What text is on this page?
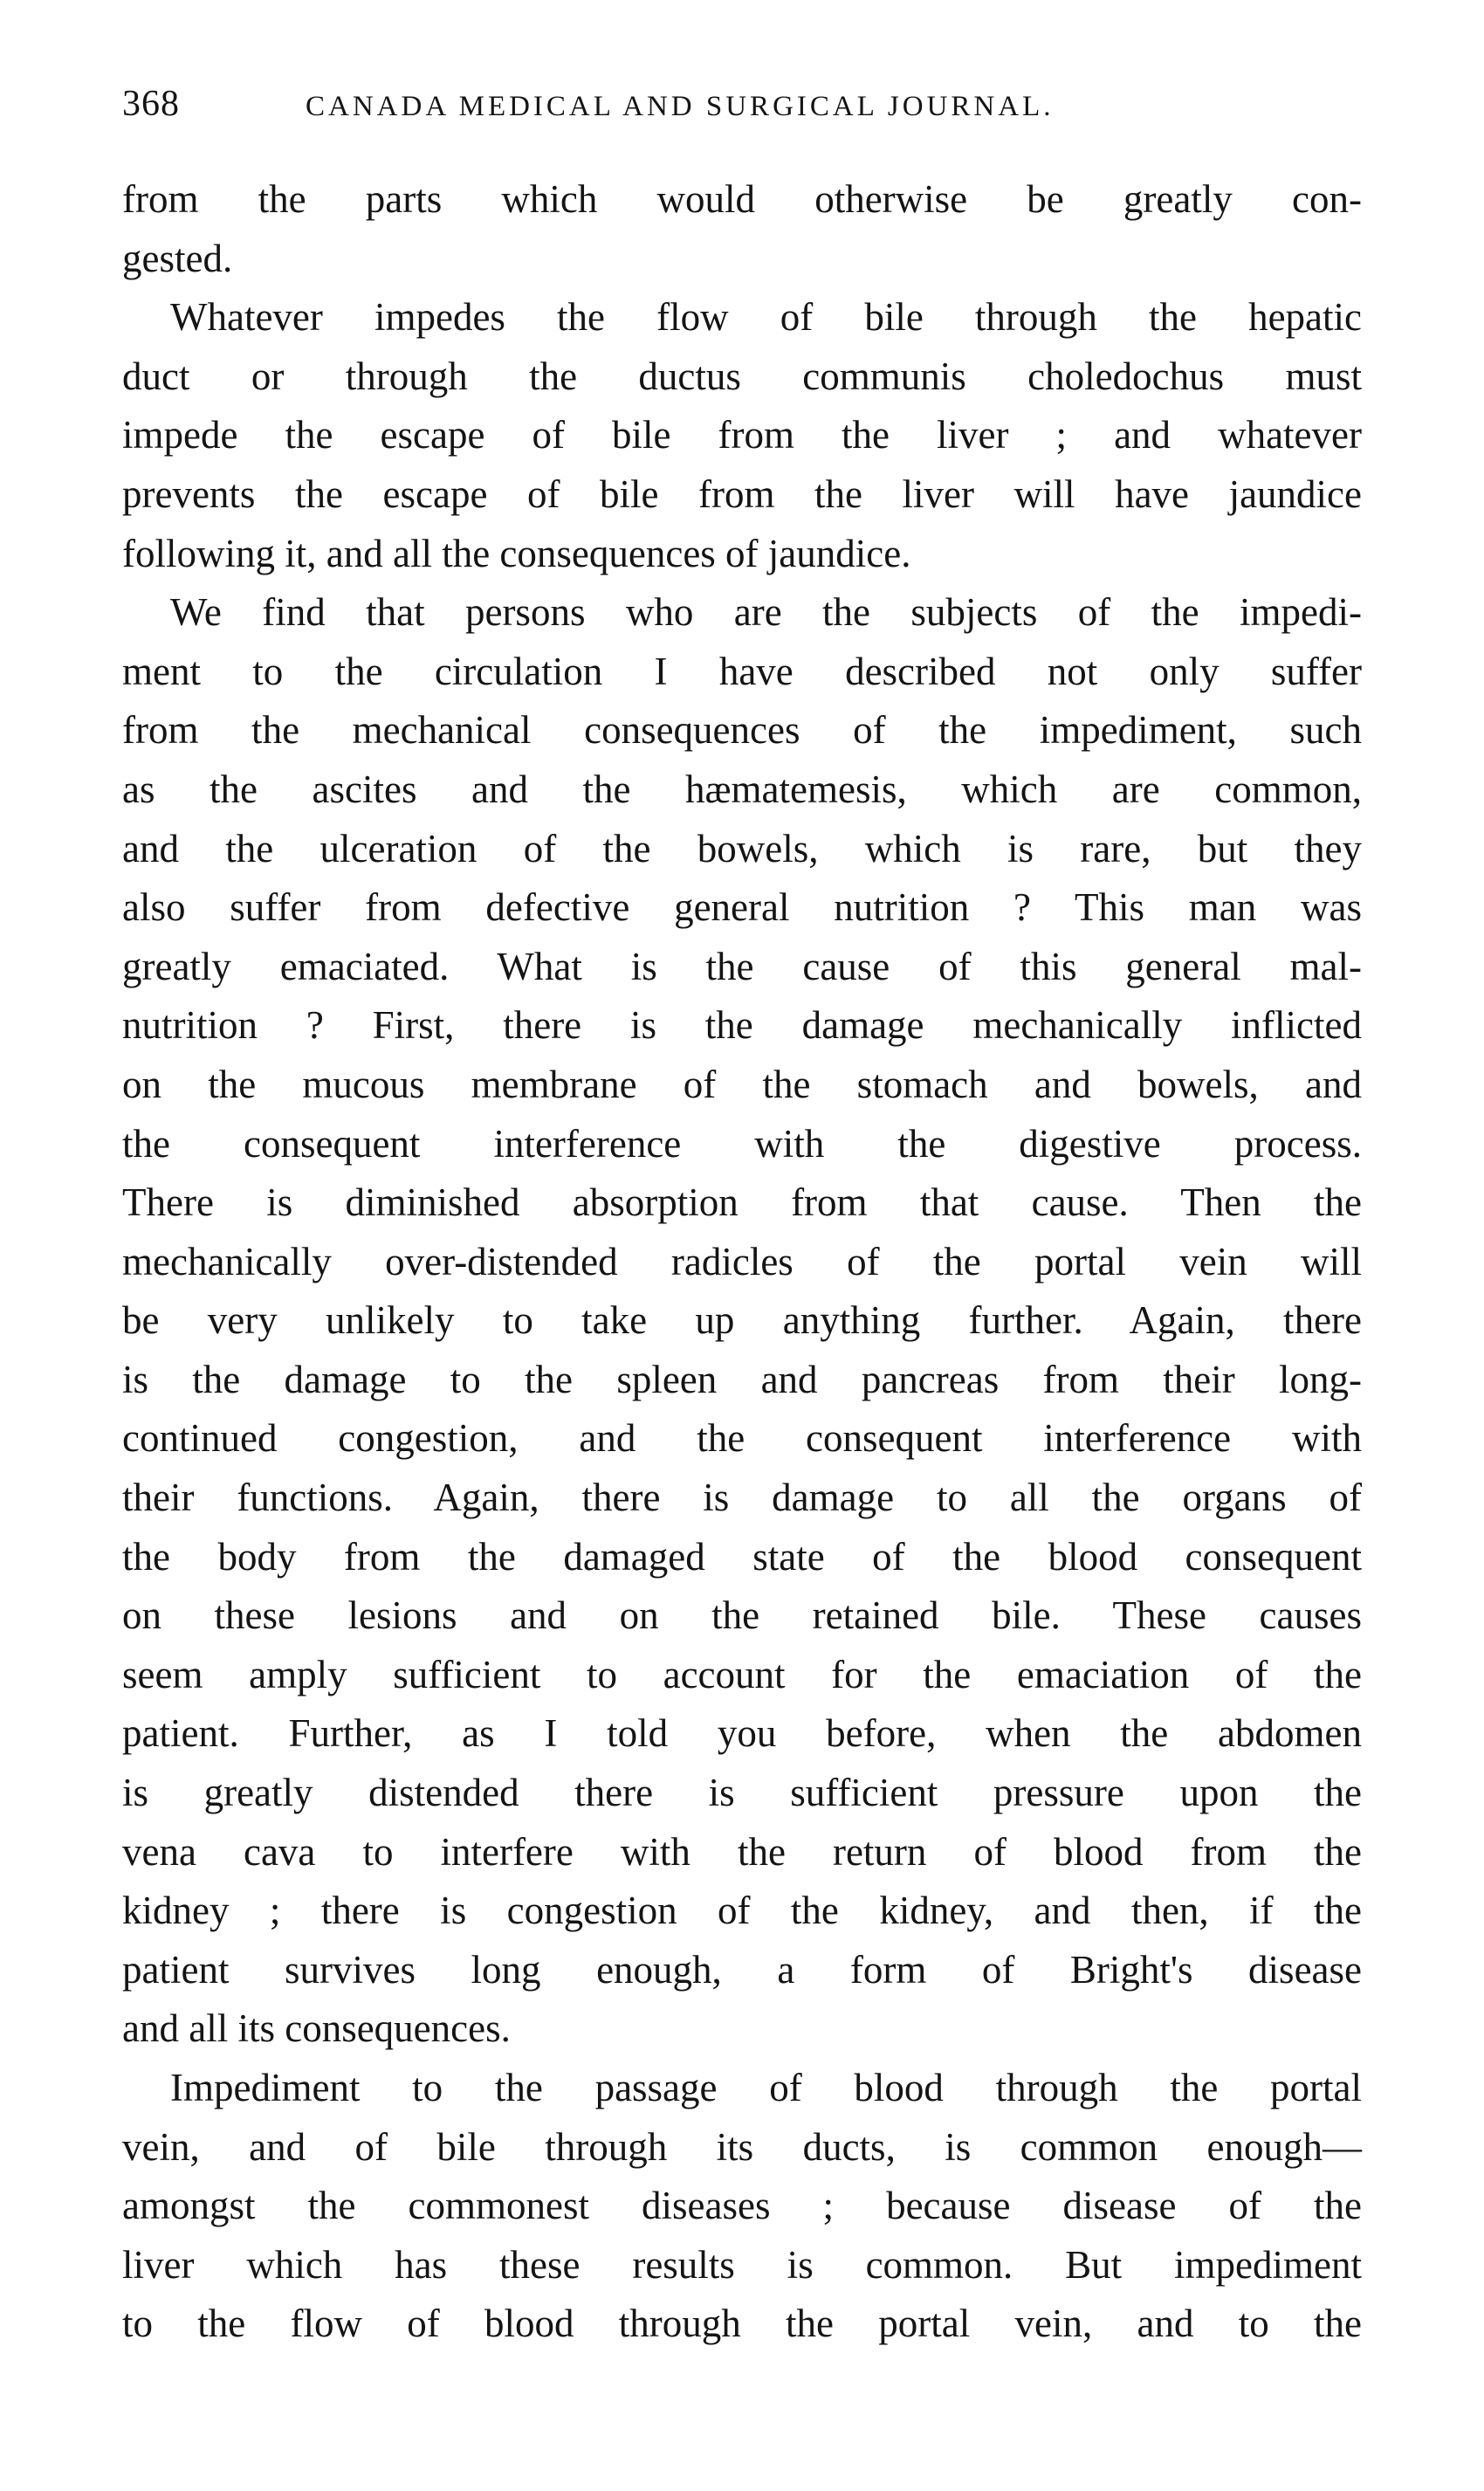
368	CANADA MEDICAL AND SURGICAL JOURNAL.

from the parts which would otherwise be greatly con-
gested.

Whatever impedes the flow of bile through the hepatic
duct or through the ductus communis choledochus must
impede the escape of bile from the liver ; and whatever
prevents the escape of bile from the liver will have jaundice
following it, and all the consequences of jaundice.

We find that persons who are the subjects of the impedi-
ment to the circulation I have described not only suffer
from the mechanical consequences of the impediment, such
as the ascites and the hæmatemesis, which are common,
and the ulceration of the bowels, which is rare, but they
also suffer from defective general nutrition ? This man was
greatly emaciated. What is the cause of this general mal-
nutrition ? First, there is the damage mechanically inflicted
on the mucous membrane of the stomach and bowels, and
the consequent interference with the digestive process.
There is diminished absorption from that cause. Then the
mechanically over-distended radicles of the portal vein will
be very unlikely to take up anything further. Again, there
is the damage to the spleen and pancreas from their long-
continued congestion, and the consequent interference with
their functions. Again, there is damage to all the organs of
the body from the damaged state of the blood consequent
on these lesions and on the retained bile. These causes
seem amply sufficient to account for the emaciation of the
patient. Further, as I told you before, when the abdomen
is greatly distended there is sufficient pressure upon the
vena cava to interfere with the return of blood from the
kidney ; there is congestion of the kidney, and then, if the
patient survives long enough, a form of Bright's disease
and all its consequences.

Impediment to the passage of blood through the portal
vein, and of bile through its ducts, is common enough—
amongst the commonest diseases ; because disease of the
liver which has these results is common. But impediment
to the flow of blood through the portal vein, and to the
